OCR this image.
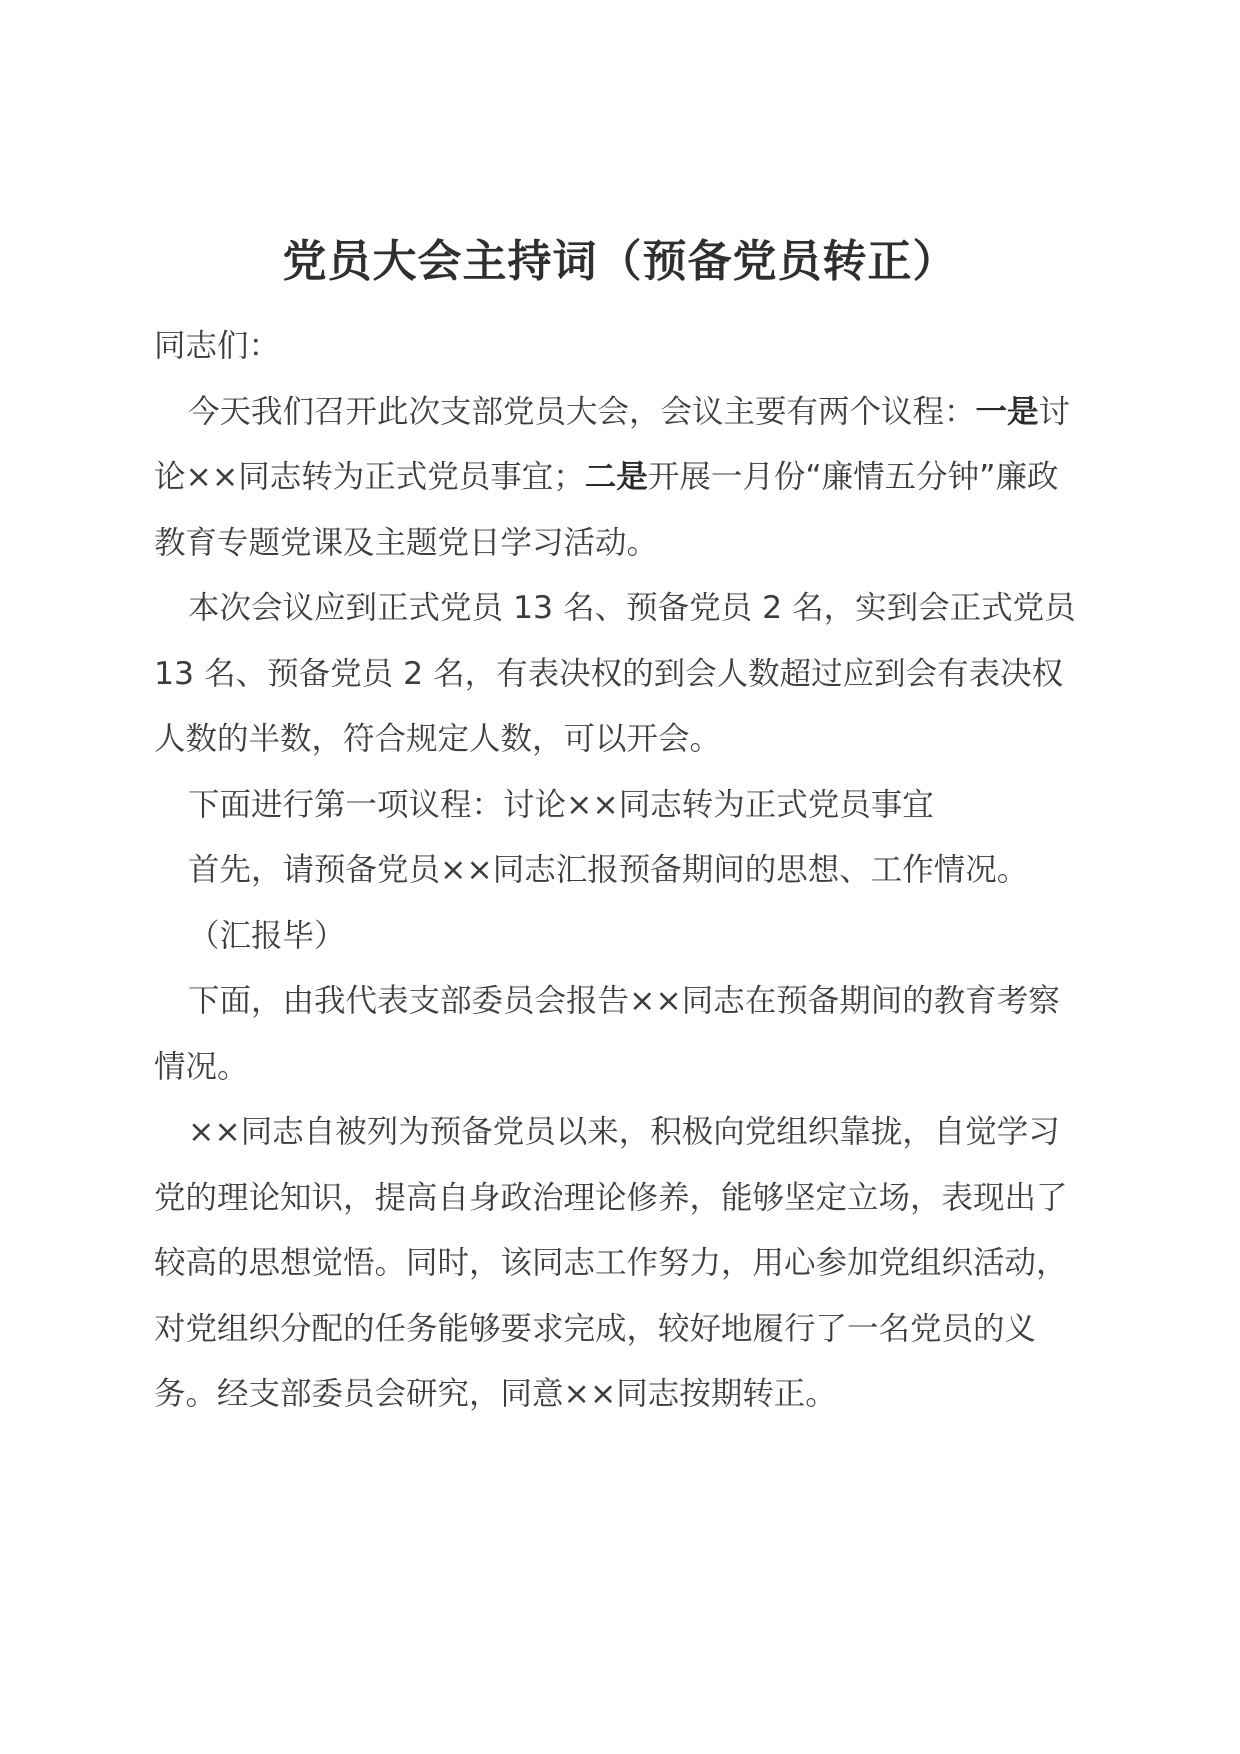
党员大会主持词（预备党员转正）

同志们：

今天我们召开此次支部党员大会，会议主要有两个议程：一是讨论××同志转为正式党员事宜；二是开展一月份“廉情五分钟”廉政教育专题党课及主题党日学习活动。

本次会议应到正式党员 13 名、预备党员 2 名，实到会正式党员 13 名、预备党员 2 名，有表决权的到会人数超过应到会有表决权人数的半数，符合规定人数，可以开会。

下面进行第一项议程：讨论××同志转为正式党员事宜

首先，请预备党员××同志汇报预备期间的思想、工作情况。

（汇报毕）

下面，由我代表支部委员会报告××同志在预备期间的教育考察情况。

××同志自被列为预备党员以来，积极向党组织靠拢，自觉学习党的理论知识，提高自身政治理论修养，能够坚定立场，表现出了较高的思想觉悟。同时，该同志工作努力，用心参加党组织活动，对党组织分配的任务能够要求完成，较好地履行了一名党员的义务。经支部委员会研究，同意××同志按期转正。
